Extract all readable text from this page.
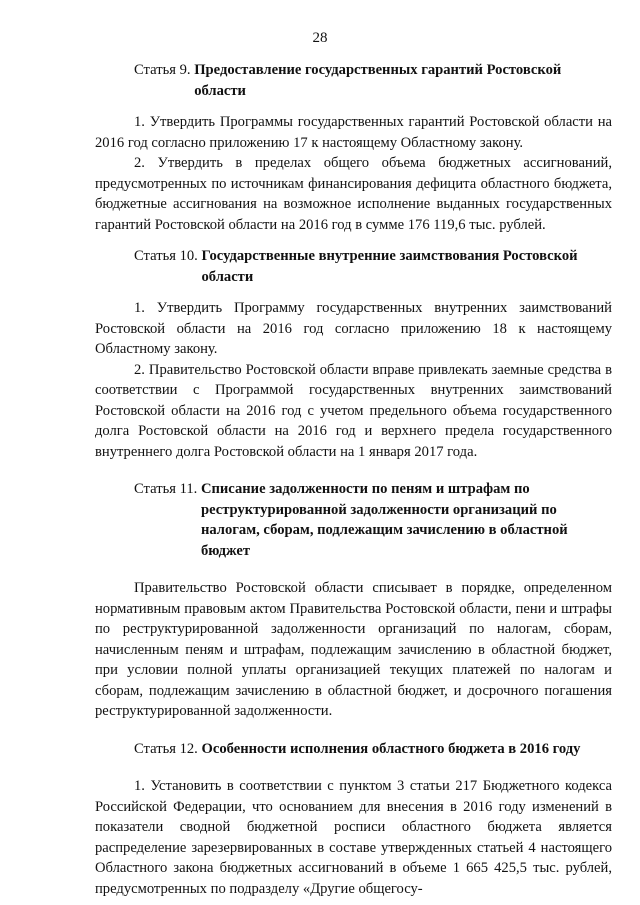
28
Статья 9. Предоставление государственных гарантий Ростовской области

1. Утвердить Программы государственных гарантий Ростовской области на 2016 год согласно приложению 17 к настоящему Областному закону.

2. Утвердить в пределах общего объема бюджетных ассигнований, предусмотренных по источникам финансирования дефицита областного бюджета, бюджетные ассигнования на возможное исполнение выданных государственных гарантий Ростовской области на 2016 год в сумме 176 119,6 тыс. рублей.

Статья 10. Государственные внутренние заимствования Ростовской области

1. Утвердить Программу государственных внутренних заимствований Ростовской области на 2016 год согласно приложению 18 к настоящему Областному закону.

2. Правительство Ростовской области вправе привлекать заемные средства в соответствии с Программой государственных внутренних заимствований Ростовской области на 2016 год с учетом предельного объема государственного долга Ростовской области на 2016 год и верхнего предела государственного внутреннего долга Ростовской области на 1 января 2017 года.

Статья 11. Списание задолженности по пеням и штрафам по реструктурированной задолженности организаций по налогам, сборам, подлежащим зачислению в областной бюджет

Правительство Ростовской области списывает в порядке, определенном нормативным правовым актом Правительства Ростовской области, пени и штрафы по реструктурированной задолженности организаций по налогам, сборам, начисленным пеням и штрафам, подлежащим зачислению в областной бюджет, при условии полной уплаты организацией текущих платежей по налогам и сборам, подлежащим зачислению в областной бюджет, и досрочного погашения реструктурированной задолженности.

Статья 12. Особенности исполнения областного бюджета в 2016 году

1. Установить в соответствии с пунктом 3 статьи 217 Бюджетного кодекса Российской Федерации, что основанием для внесения в 2016 году изменений в показатели сводной бюджетной росписи областного бюджета является распределение зарезервированных в составе утвержденных статьей 4 настоящего Областного закона бюджетных ассигнований в объеме 1 665 425,5 тыс. рублей, предусмотренных по подразделу «Другие общегосу-
